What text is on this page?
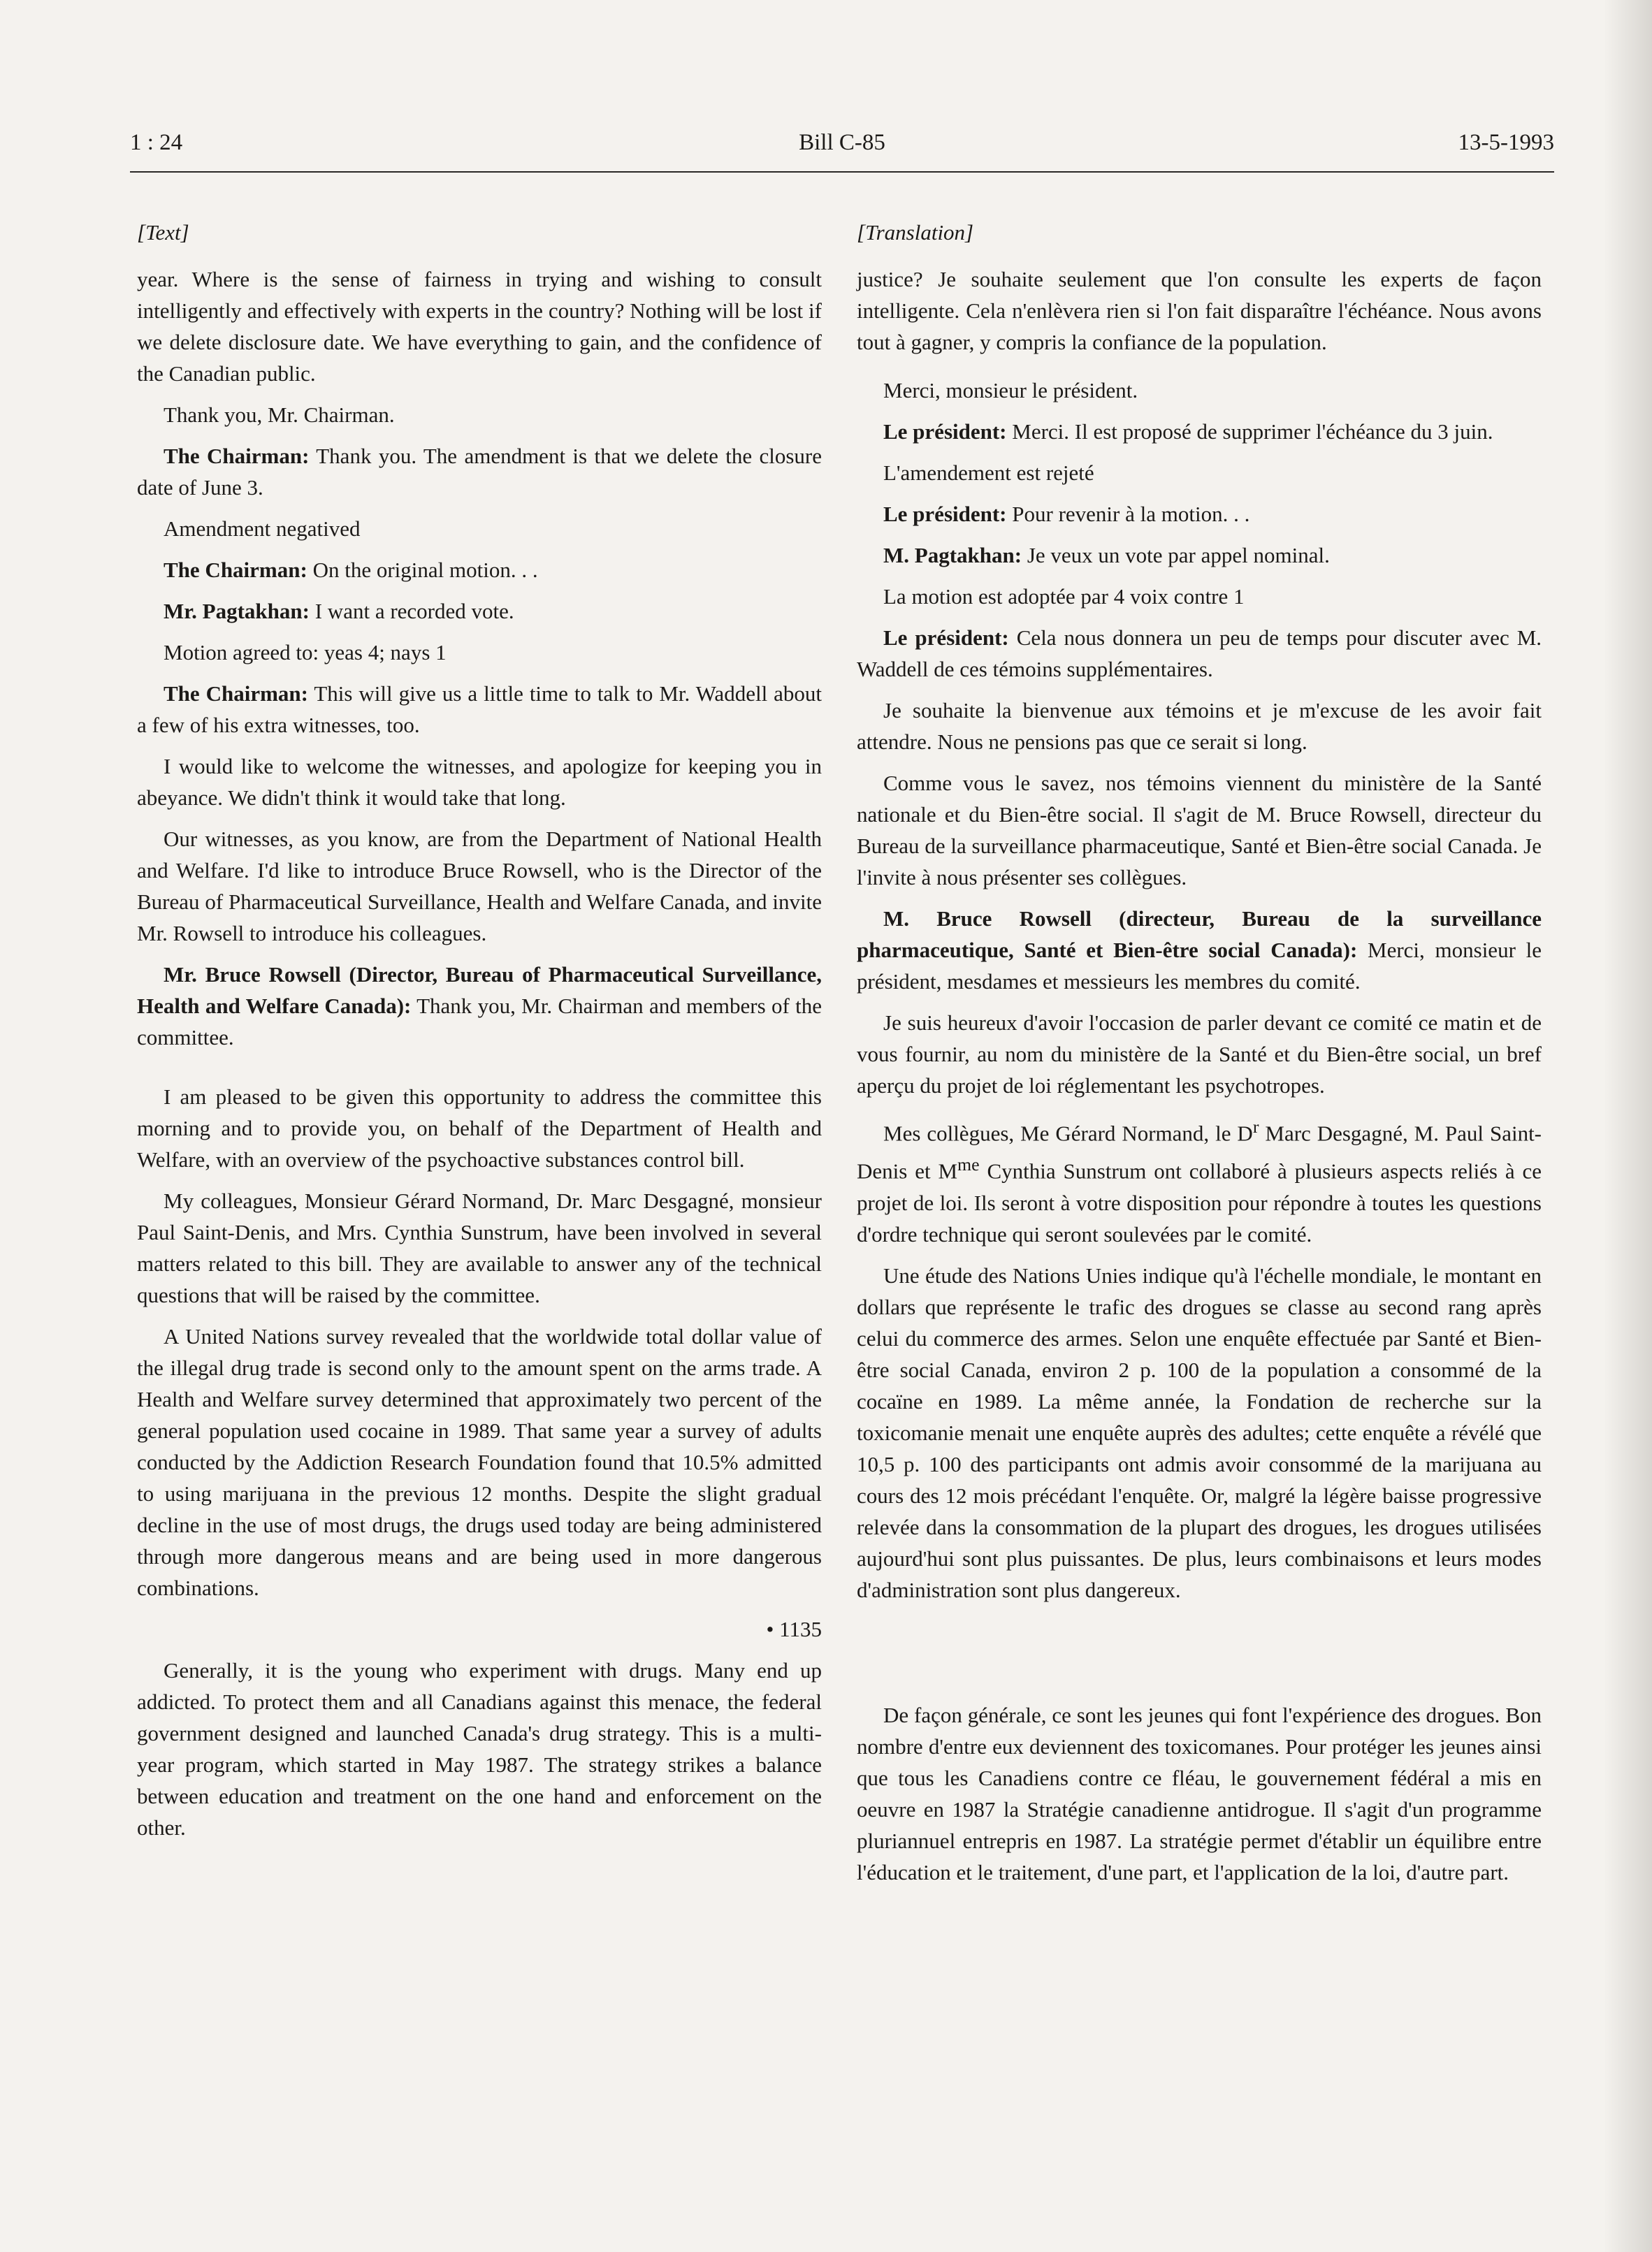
1 : 24	Bill C-85	13-5-1993

[Text]

year. Where is the sense of fairness in trying and wishing to consult intelligently and effectively with experts in the country? Nothing will be lost if we delete disclosure date. We have everything to gain, and the confidence of the Canadian public.

Thank you, Mr. Chairman.

The Chairman: Thank you. The amendment is that we delete the closure date of June 3.

Amendment negatived

The Chairman: On the original motion. . .

Mr. Pagtakhan: I want a recorded vote.

Motion agreed to: yeas 4; nays 1

The Chairman: This will give us a little time to talk to Mr. Waddell about a few of his extra witnesses, too.

I would like to welcome the witnesses, and apologize for keeping you in abeyance. We didn't think it would take that long.

Our witnesses, as you know, are from the Department of National Health and Welfare. I'd like to introduce Bruce Rowsell, who is the Director of the Bureau of Pharmaceutical Surveillance, Health and Welfare Canada, and invite Mr. Rowsell to introduce his colleagues.

Mr. Bruce Rowsell (Director, Bureau of Pharmaceutical Surveillance, Health and Welfare Canada): Thank you, Mr. Chairman and members of the committee.

I am pleased to be given this opportunity to address the committee this morning and to provide you, on behalf of the Department of Health and Welfare, with an overview of the psychoactive substances control bill.

My colleagues, Monsieur Gérard Normand, Dr. Marc Desgagné, monsieur Paul Saint-Denis, and Mrs. Cynthia Sunstrum, have been involved in several matters related to this bill. They are available to answer any of the technical questions that will be raised by the committee.

A United Nations survey revealed that the worldwide total dollar value of the illegal drug trade is second only to the amount spent on the arms trade. A Health and Welfare survey determined that approximately two percent of the general population used cocaine in 1989. That same year a survey of adults conducted by the Addiction Research Foundation found that 10.5% admitted to using marijuana in the previous 12 months. Despite the slight gradual decline in the use of most drugs, the drugs used today are being administered through more dangerous means and are being used in more dangerous combinations.

• 1135

Generally, it is the young who experiment with drugs. Many end up addicted. To protect them and all Canadians against this menace, the federal government designed and launched Canada's drug strategy. This is a multi-year program, which started in May 1987. The strategy strikes a balance between education and treatment on the one hand and enforcement on the other.

[Translation]

justice? Je souhaite seulement que l'on consulte les experts de façon intelligente. Cela n'enlèvera rien si l'on fait disparaître l'échéance. Nous avons tout à gagner, y compris la confiance de la population.

Merci, monsieur le président.

Le président: Merci. Il est proposé de supprimer l'échéance du 3 juin.

L'amendement est rejeté

Le président: Pour revenir à la motion. . .

M. Pagtakhan: Je veux un vote par appel nominal.

La motion est adoptée par 4 voix contre 1

Le président: Cela nous donnera un peu de temps pour discuter avec M. Waddell de ces témoins supplémentaires.

Je souhaite la bienvenue aux témoins et je m'excuse de les avoir fait attendre. Nous ne pensions pas que ce serait si long.

Comme vous le savez, nos témoins viennent du ministère de la Santé nationale et du Bien-être social. Il s'agit de M. Bruce Rowsell, directeur du Bureau de la surveillance pharmaceutique, Santé et Bien-être social Canada. Je l'invite à nous présenter ses collègues.

M. Bruce Rowsell (directeur, Bureau de la surveillance pharmaceutique, Santé et Bien-être social Canada): Merci, monsieur le président, mesdames et messieurs les membres du comité.

Je suis heureux d'avoir l'occasion de parler devant ce comité ce matin et de vous fournir, au nom du ministère de la Santé et du Bien-être social, un bref aperçu du projet de loi réglementant les psychotropes.

Mes collègues, Me Gérard Normand, le $D^r$ Marc Desgagné, M. Paul Saint-Denis et $M^{me}$ Cynthia Sunstrum ont collaboré à plusieurs aspects reliés à ce projet de loi. Ils seront à votre disposition pour répondre à toutes les questions d'ordre technique qui seront soulevées par le comité.

Une étude des Nations Unies indique qu'à l'échelle mondiale, le montant en dollars que représente le trafic des drogues se classe au second rang après celui du commerce des armes. Selon une enquête effectuée par Santé et Bien-être social Canada, environ 2 p. 100 de la population a consommé de la cocaïne en 1989. La même année, la Fondation de recherche sur la toxicomanie menait une enquête auprès des adultes; cette enquête a révélé que 10,5 p. 100 des participants ont admis avoir consommé de la marijuana au cours des 12 mois précédant l'enquête. Or, malgré la légère baisse progressive relevée dans la consommation de la plupart des drogues, les drogues utilisées aujourd'hui sont plus puissantes. De plus, leurs combinaisons et leurs modes d'administration sont plus dangereux.

De façon générale, ce sont les jeunes qui font l'expérience des drogues. Bon nombre d'entre eux deviennent des toxicomanes. Pour protéger les jeunes ainsi que tous les Canadiens contre ce fléau, le gouvernement fédéral a mis en oeuvre en 1987 la Stratégie canadienne antidrogue. Il s'agit d'un programme pluriannuel entrepris en 1987. La stratégie permet d'établir un équilibre entre l'éducation et le traitement, d'une part, et l'application de la loi, d'autre part.
